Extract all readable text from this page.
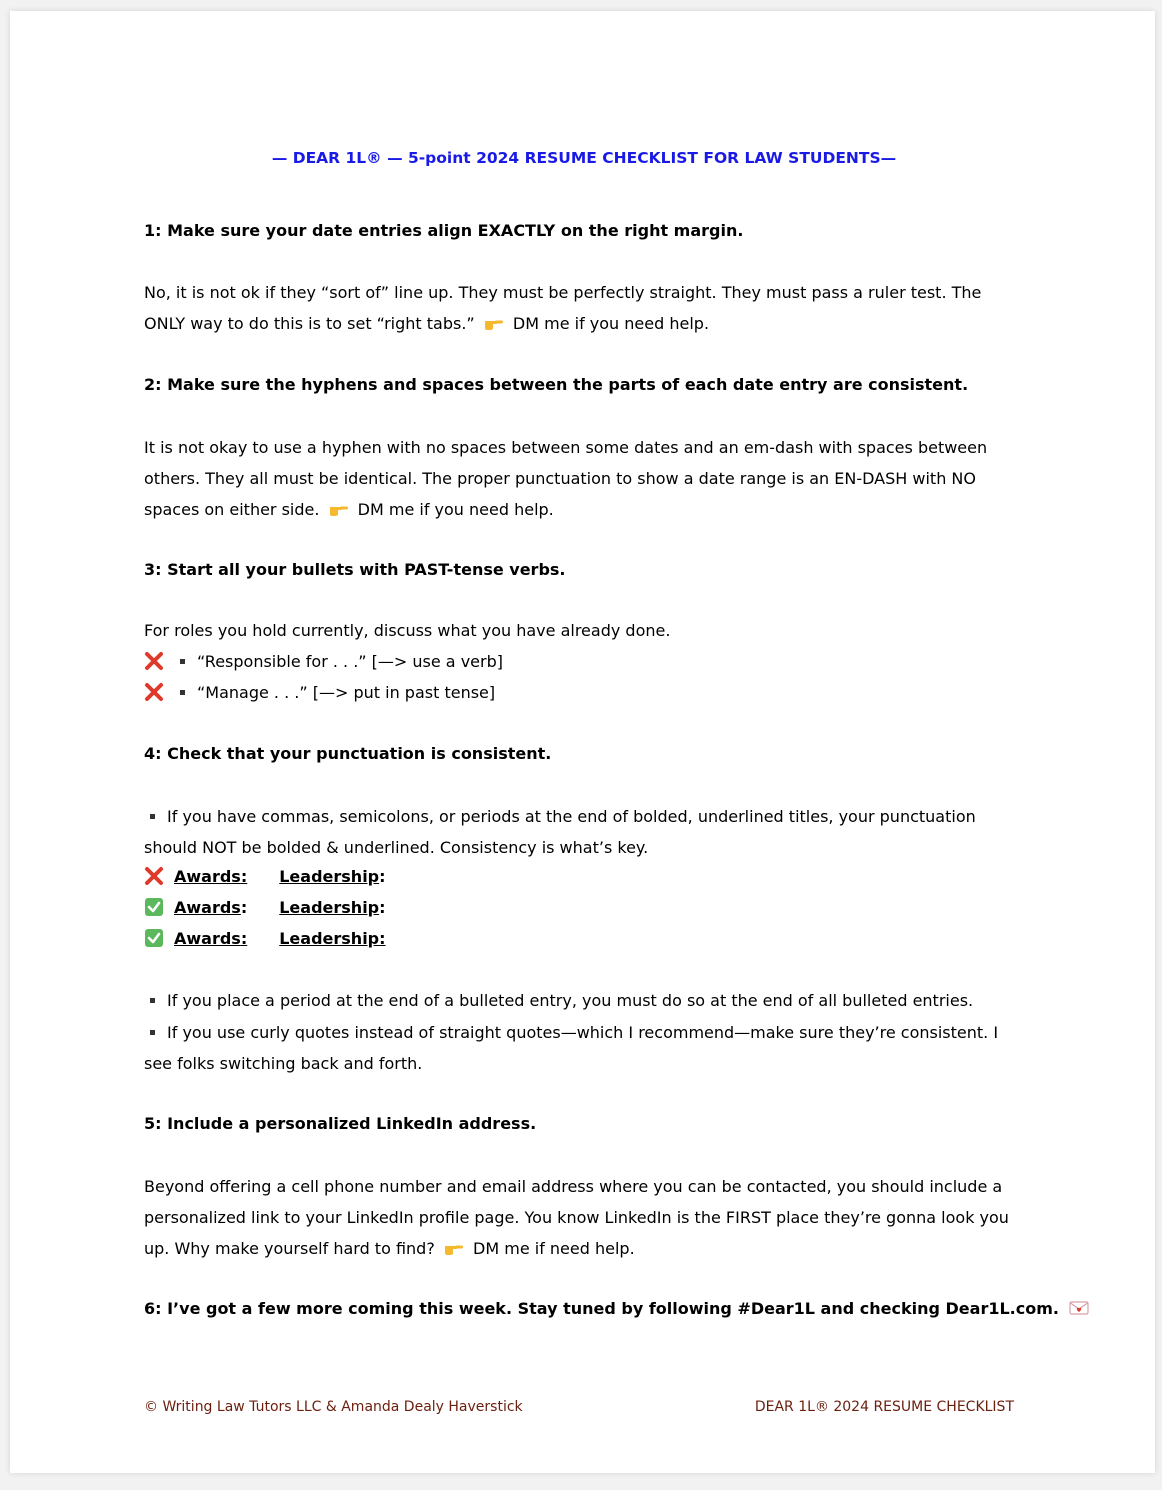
— DEAR 1L® — 5-point 2024 RESUME CHECKLIST FOR LAW STUDENTS—
1: Make sure your date entries align EXACTLY on the right margin.
No, it is not ok if they “sort of” line up. They must be perfectly straight. They must pass a ruler test. The ONLY way to do this is to set “right tabs.” DM me if you need help.
2: Make sure the hyphens and spaces between the parts of each date entry are consistent.
It is not okay to use a hyphen with no spaces between some dates and an em-dash with spaces between others. They all must be identical. The proper punctuation to show a date range is an EN-DASH with NO spaces on either side. DM me if you need help.
3: Start all your bullets with PAST-tense verbs.
For roles you hold currently, discuss what you have already done.
“Responsible for . . .” [—> use a verb]
“Manage . . .” [—> put in past tense]
4: Check that your punctuation is consistent.
If you have commas, semicolons, or periods at the end of bolded, underlined titles, your punctuation should NOT be bolded & underlined. Consistency is what’s key.
Awards: Leadership:
Awards: Leadership:
Awards: Leadership:
If you place a period at the end of a bulleted entry, you must do so at the end of all bulleted entries.
If you use curly quotes instead of straight quotes—which I recommend—make sure they’re consistent. I see folks switching back and forth.
5: Include a personalized LinkedIn address.
Beyond offering a cell phone number and email address where you can be contacted, you should include a personalized link to your LinkedIn profile page. You know LinkedIn is the FIRST place they’re gonna look you up. Why make yourself hard to find? DM me if need help.
6: I’ve got a few more coming this week. Stay tuned by following #Dear1L and checking Dear1L.com.
© Writing Law Tutors LLC & Amanda Dealy Haverstick	DEAR 1L® 2024 RESUME CHECKLIST
